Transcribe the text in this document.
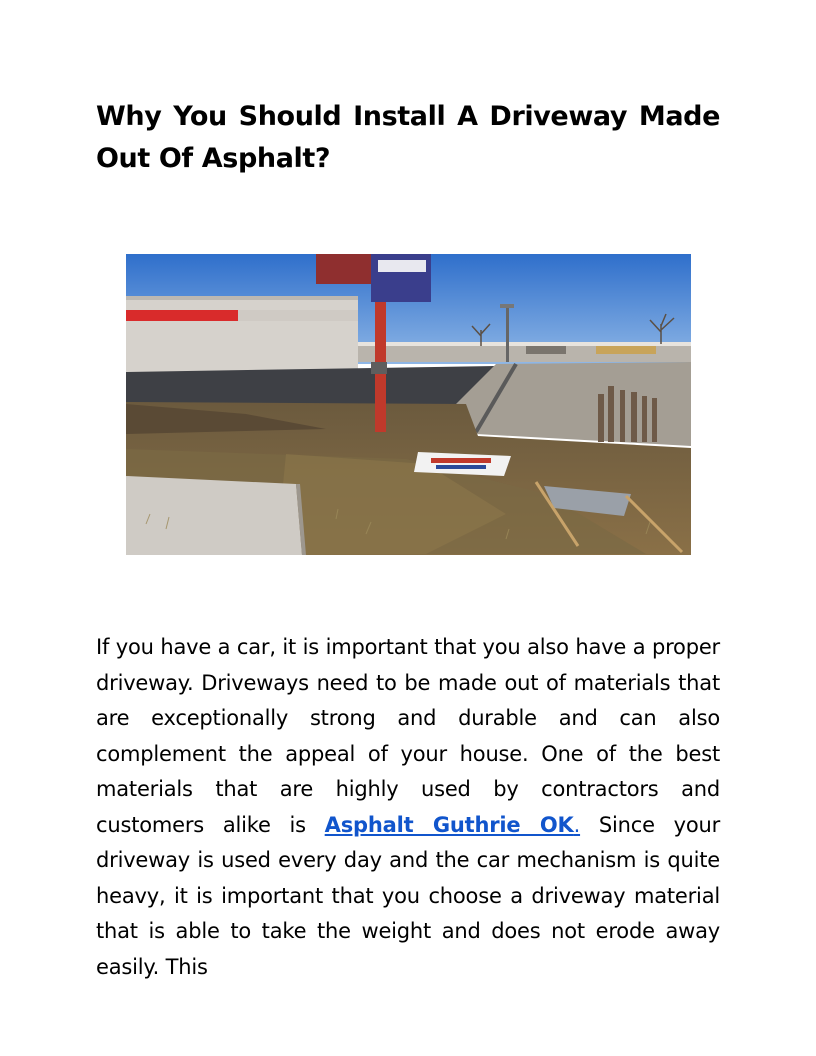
Why You Should Install A Driveway Made Out Of Asphalt?

If you have a car, it is important that you also have a proper driveway. Driveways need to be made out of materials that are exceptionally strong and durable and can also complement the appeal of your house. One of the best materials that are highly used by contractors and customers alike is Asphalt Guthrie OK. Since your driveway is used every day and the car mechanism is quite heavy, it is important that you choose a driveway material that is able to take the weight and does not erode away easily. This
